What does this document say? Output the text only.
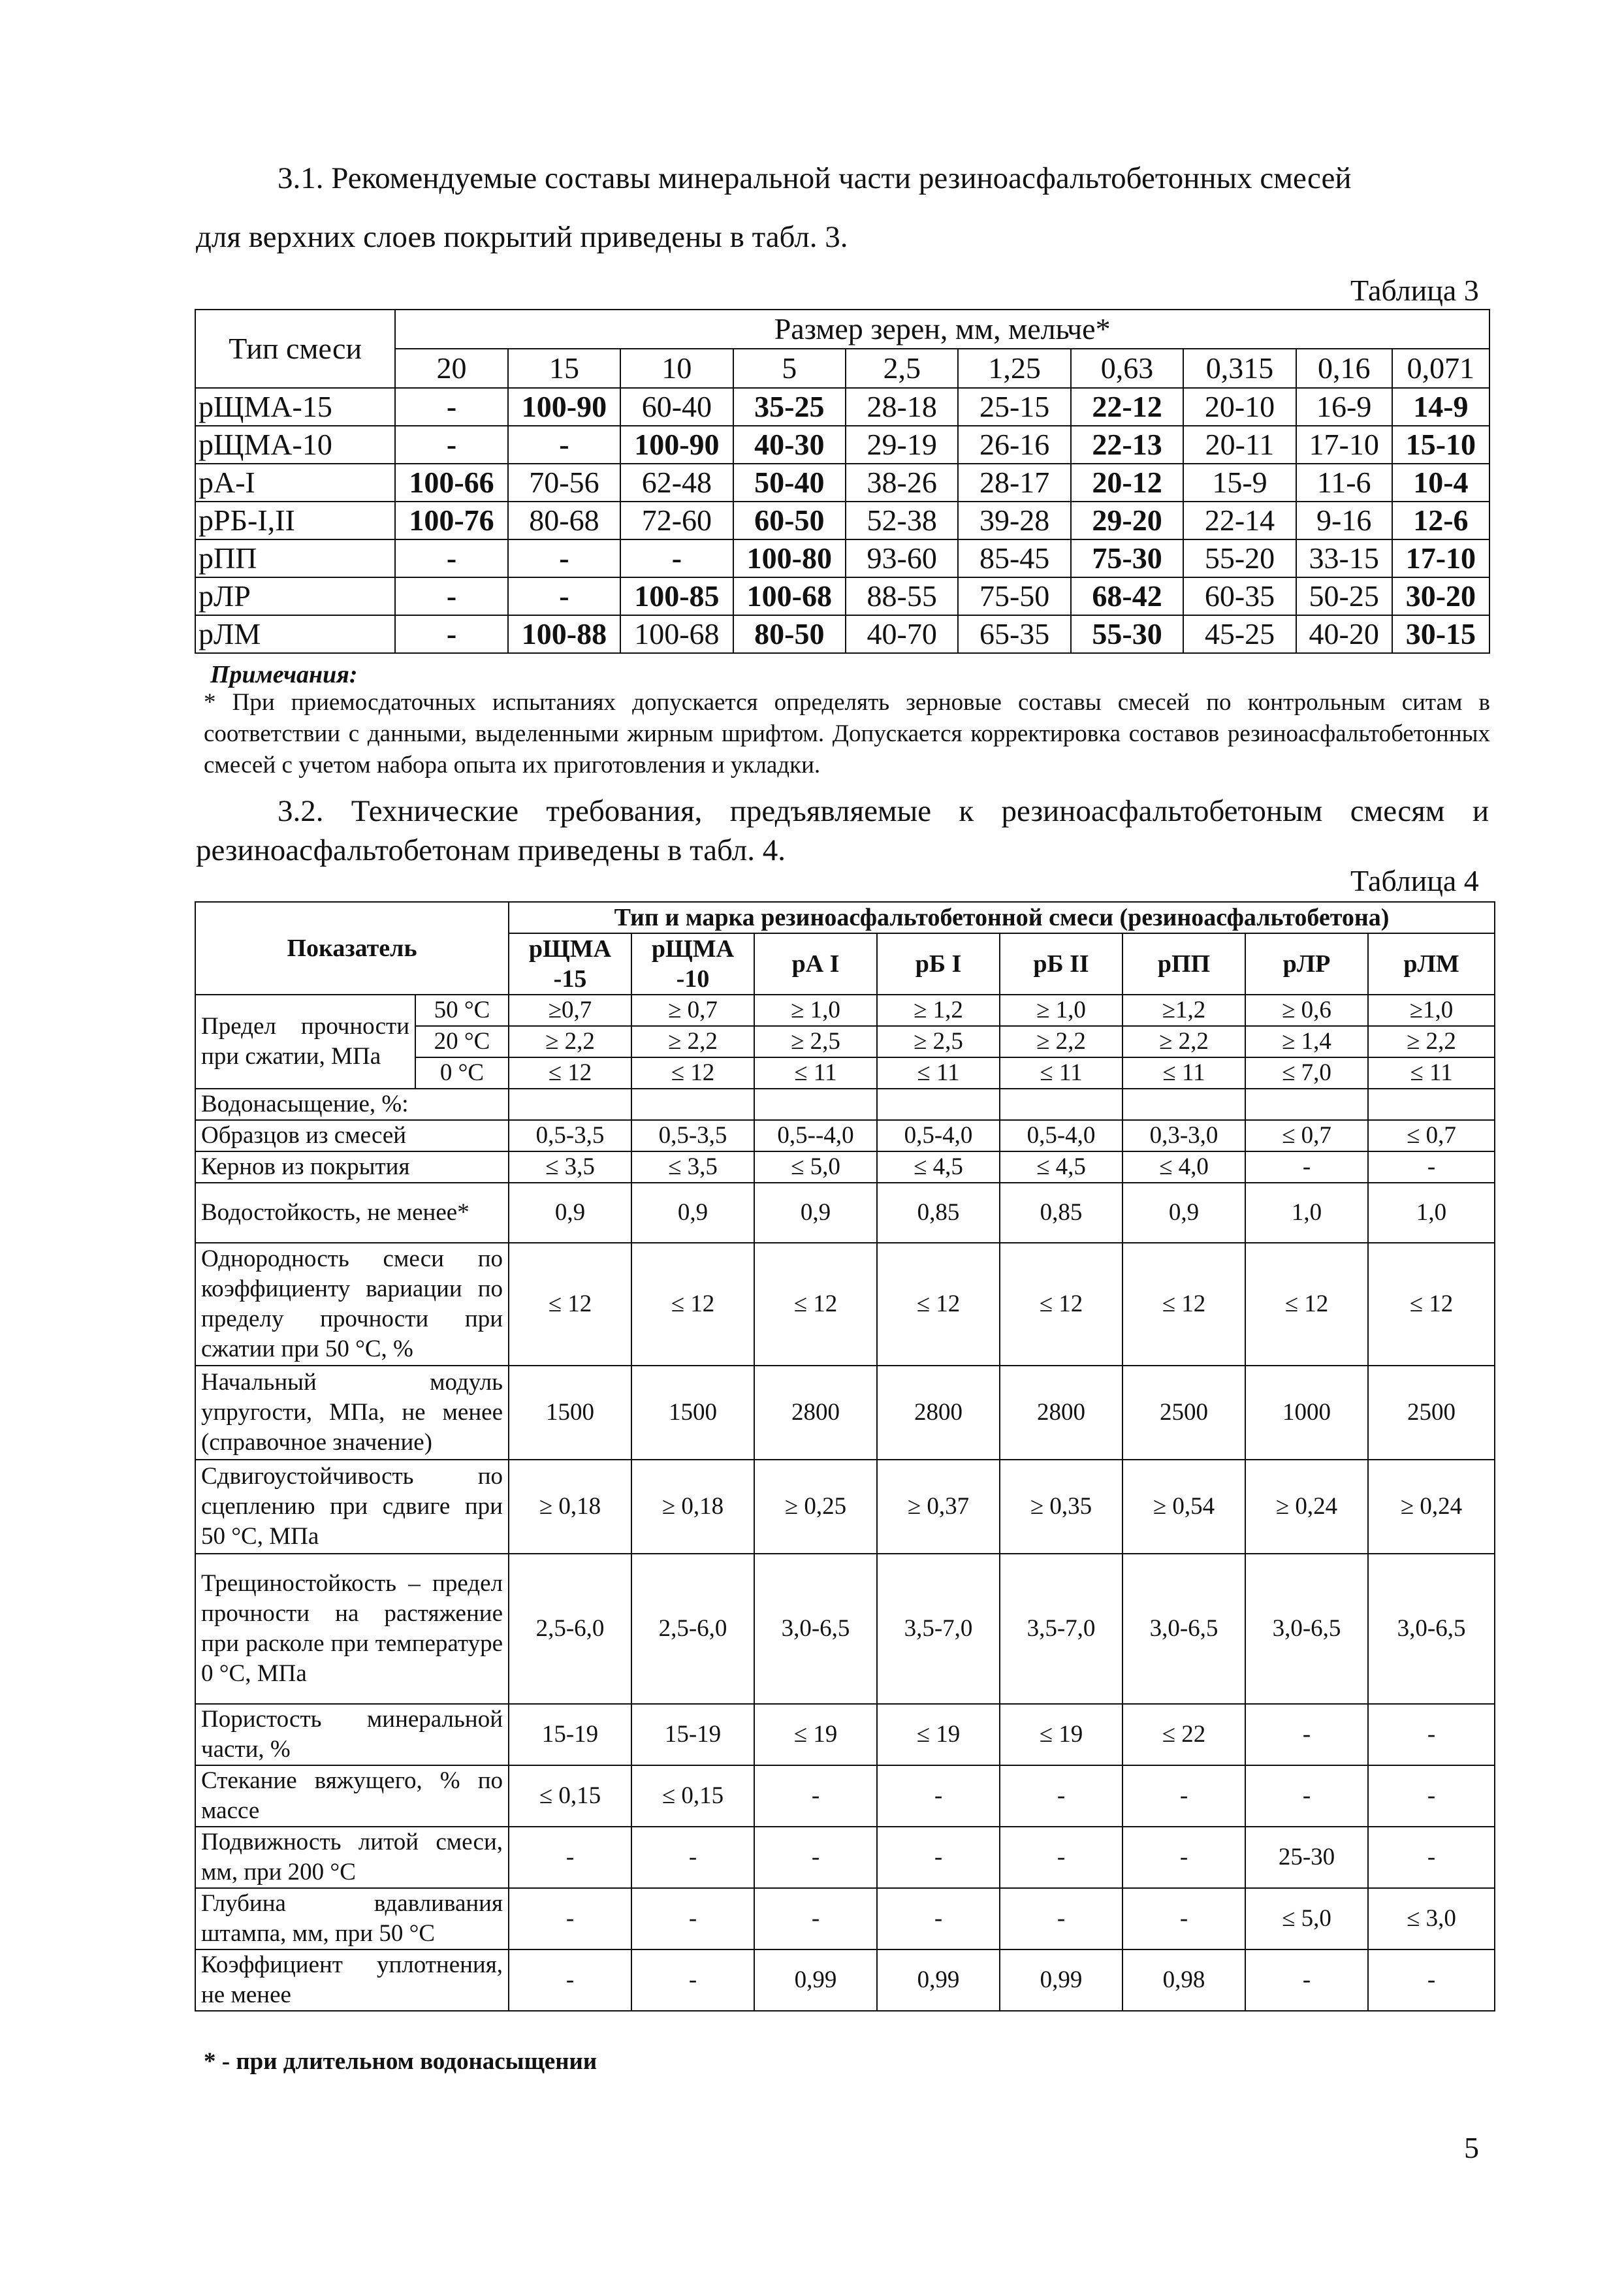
3.1. Рекомендуемые составы минеральной части резиноасфальтобетонных смесей
для верхних слоев покрытий приведены в табл. 3.

Таблица 3

Тип смеси	Размер зерен, мм, мельче*									
	20	15	10	5	2,5	1,25	0,63	0,315	0,16	0,071
рЩМА-15	-	100-90	60-40	35-25	28-18	25-15	22-12	20-10	16-9	14-9
рЩМА-10	-	-	100-90	40-30	29-19	26-16	22-13	20-11	17-10	15-10
рА-I	100-66	70-56	62-48	50-40	38-26	28-17	20-12	15-9	11-6	10-4
рРБ-I,II	100-76	80-68	72-60	60-50	52-38	39-28	29-20	22-14	9-16	12-6
рПП	-	-	-	100-80	93-60	85-45	75-30	55-20	33-15	17-10
рЛР	-	-	100-85	100-68	88-55	75-50	68-42	60-35	50-25	30-20
рЛМ	-	100-88	100-68	80-50	40-70	65-35	55-30	45-25	40-20	30-15

Примечания:

* При приемосдаточных испытаниях допускается определять зерновые составы смесей по контрольным ситам в соответствии с данными, выделенными жирным шрифтом. Допускается корректировка составов резиноасфальтобетонных смесей с учетом набора опыта их приготовления и укладки.

3.2. Технические требования, предъявляемые к резиноасфальтобетоным смесям и резиноасфальтобетонам приведены в табл. 4.

Таблица 4

Показатель		Тип и марка резиноасфальтобетонной смеси (резиноасфальтобетона)							
		рЩМА
-15	рЩМА
-10	рА I	рБ I	рБ II	рПП	рЛР	рЛМ
Предел прочности при сжатии, МПа	50 °С	≥0,7	≥ 0,7	≥ 1,0	≥ 1,2	≥ 1,0	≥1,2	≥ 0,6	≥1,0
	20 °С	≥ 2,2	≥ 2,2	≥ 2,5	≥ 2,5	≥ 2,2	≥ 2,2	≥ 1,4	≥ 2,2
	0 °С	≤ 12	≤ 12	≤ 11	≤ 11	≤ 11	≤ 11	≤ 7,0	≤ 11
Водонасыщение, %:									
Образцов из смесей		0,5-3,5	0,5-3,5	0,5--4,0	0,5-4,0	0,5-4,0	0,3-3,0	≤ 0,7	≤ 0,7
Кернов из покрытия		≤ 3,5	≤ 3,5	≤ 5,0	≤ 4,5	≤ 4,5	≤ 4,0	-	-
Водостойкость, не менее*		0,9	0,9	0,9	0,85	0,85	0,9	1,0	1,0
Однородность смеси по коэффициенту вариации по пределу прочности при сжатии при 50 °С, %		≤ 12	≤ 12	≤ 12	≤ 12	≤ 12	≤ 12	≤ 12	≤ 12
Начальный модуль упругости, МПа, не менее (справочное значение)		1500	1500	2800	2800	2800	2500	1000	2500
Сдвигоустойчивость по сцеплению при сдвиге при 50 °С, МПа		≥ 0,18	≥ 0,18	≥ 0,25	≥ 0,37	≥ 0,35	≥ 0,54	≥ 0,24	≥ 0,24
Трещиностойкость – предел прочности на растяжение при расколе при температуре 0 °С, МПа		2,5-6,0	2,5-6,0	3,0-6,5	3,5-7,0	3,5-7,0	3,0-6,5	3,0-6,5	3,0-6,5
Пористость минеральной части, %		15-19	15-19	≤ 19	≤ 19	≤ 19	≤ 22	-	-
Стекание вяжущего, % по массе		≤ 0,15	≤ 0,15	-	-	-	-	-	-
Подвижность литой смеси, мм, при 200 °С		-	-	-	-	-	-	25-30	-
Глубина вдавливания штампа, мм, при 50 °С		-	-	-	-	-	-	≤ 5,0	≤ 3,0
Коэффициент уплотнения, не менее		-	-	0,99	0,99	0,99	0,98	-	-

* - при длительном водонасыщении

5
